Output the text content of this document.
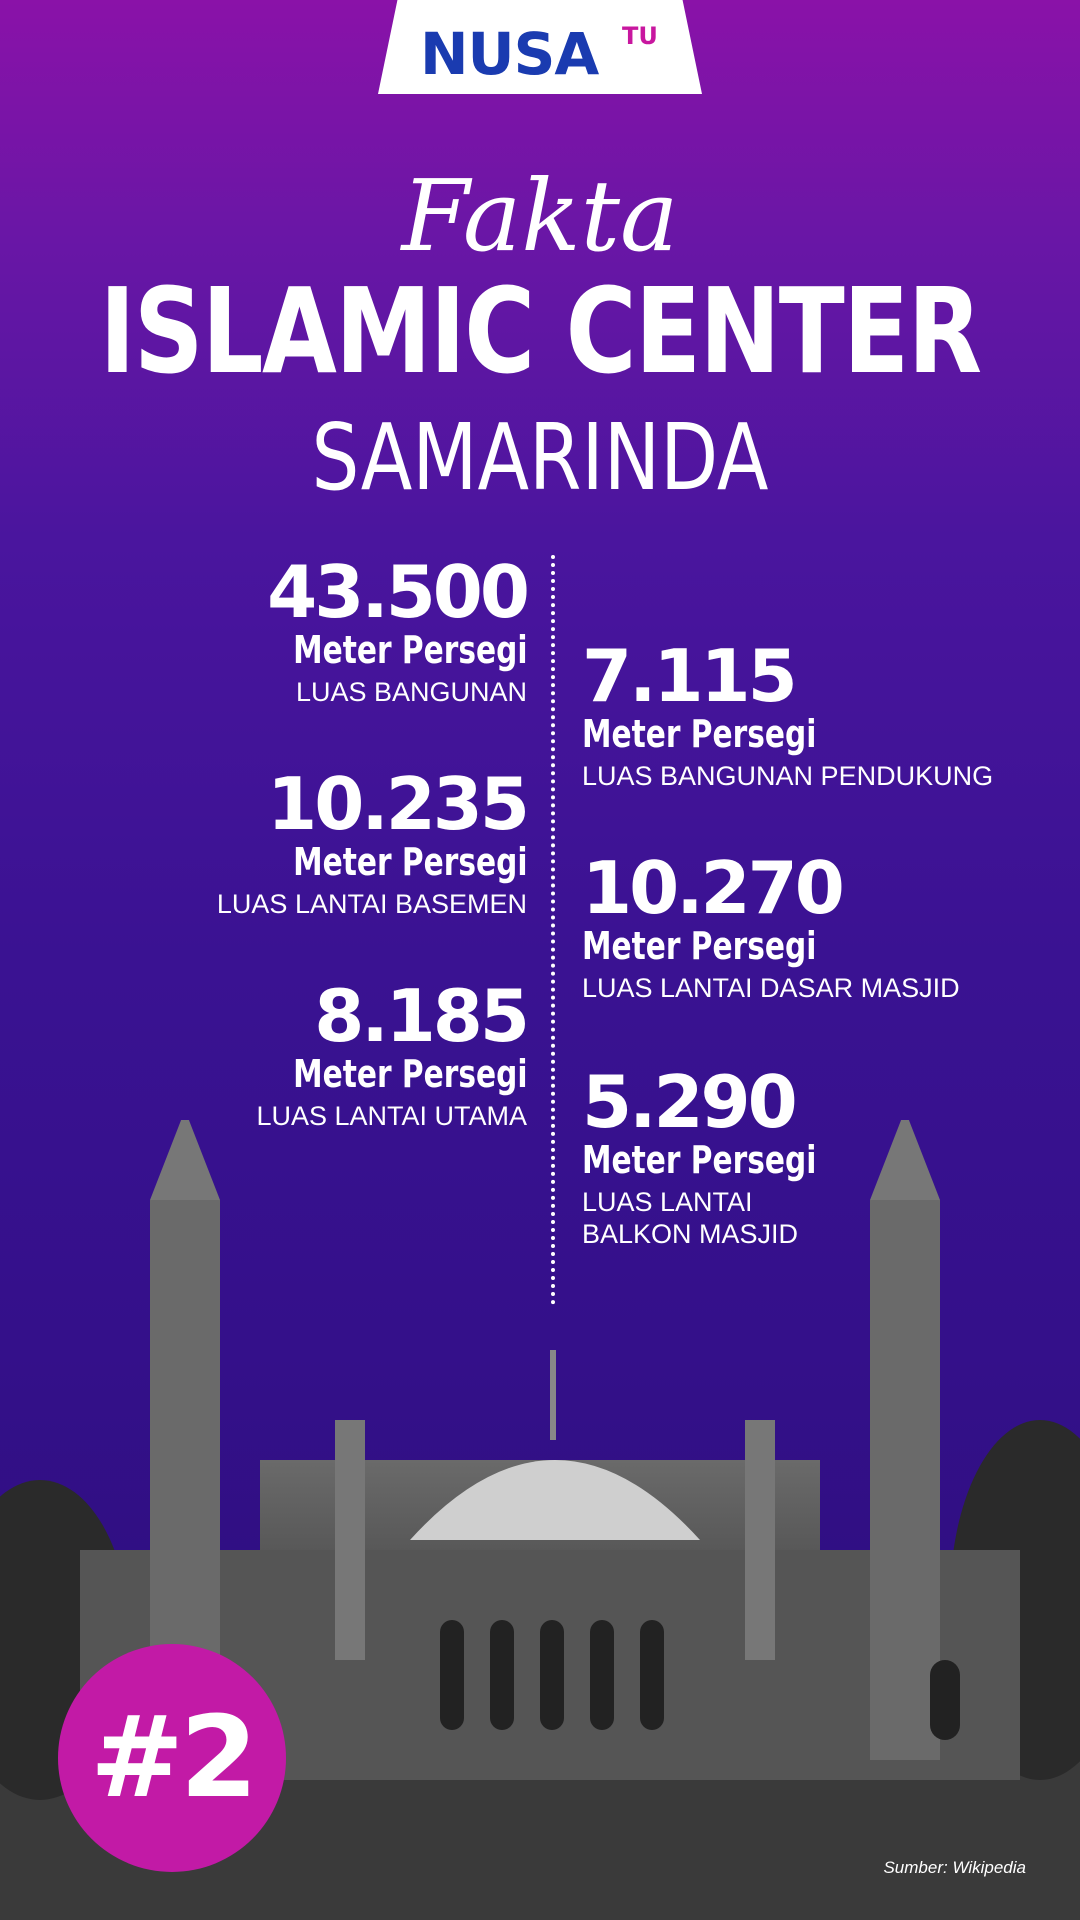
NUSA TU
Fakta
ISLAMIC CENTER
SAMARINDA
43.500
Meter Persegi
LUAS BANGUNAN
10.235
Meter Persegi
LUAS LANTAI BASEMEN
8.185
Meter Persegi
LUAS LANTAI UTAMA
7.115
Meter Persegi
LUAS BANGUNAN PENDUKUNG
10.270
Meter Persegi
LUAS LANTAI DASAR MASJID
5.290
Meter Persegi
LUAS LANTAI
BALKON MASJID
#2
Sumber: Wikipedia
